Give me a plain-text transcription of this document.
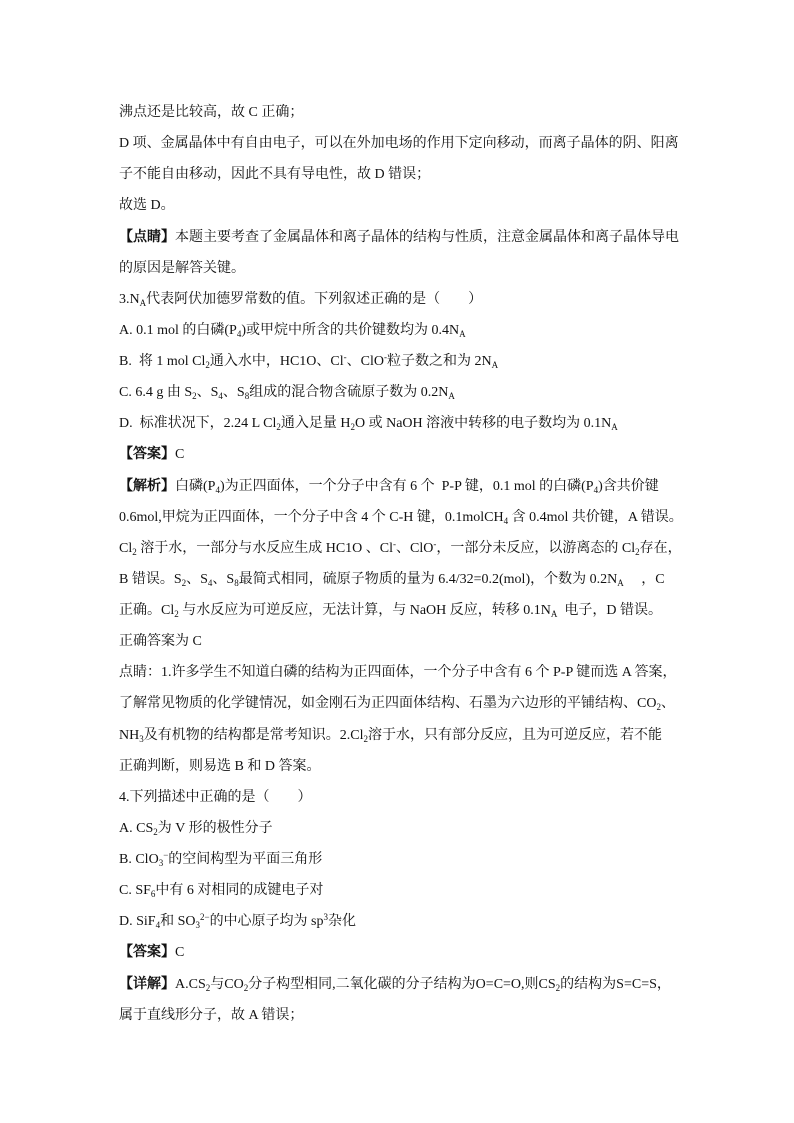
沸点还是比较高，故 C 正确；
D 项、金属晶体中有自由电子，可以在外加电场的作用下定向移动，而离子晶体的阴、阳离
子不能自由移动，因此不具有导电性，故 D 错误；
故选 D。
【点睛】本题主要考查了金属晶体和离子晶体的结构与性质，注意金属晶体和离子晶体导电
的原因是解答关键。
$3.N_A$代表阿伏加德罗常数的值。下列叙述正确的是（　　）
A. 0.1 mol 的白磷$(P_4)$或甲烷中所含的共价键数均为 $0.4N_A$
B.  将 1 mol $Cl_2$通入水中，HC1O、Cl-、ClO-粒子数之和为 $2N_A$
C. 6.4 g 由 $S_2$、$S_4$、$S_8$组成的混合物含硫原子数为 $0.2N_A$
D.  标准状况下，2.24 L $Cl_2$通入足量 $H_2O$ 或 NaOH 溶液中转移的电子数均为 $0.1N_A$
【答案】C
【解析】白磷$(P_4)$为正四面体，一个分子中含有 6 个  P-P 键，0.1 mol 的白磷$(P_4)$含共价键
0.6mol,甲烷为正四面体，一个分子中含 4 个 C-H 键，0.1molCH$_4$ 含 0.4mol 共价键，A 错误。
$Cl_2$ 溶于水，一部分与水反应生成 HC1O 、Cl-、ClO-，一部分未反应，以游离态的 $Cl_2$存在，
B 错误。$S_2$、$S_4$、$S_8$最简式相同，硫原子物质的量为 6.4/32=0.2(mol)，个数为 $0.2N_A$　 ，C
正确。$Cl_2$ 与水反应为可逆反应，无法计算，与 NaOH 反应，转移 $0.1N_A$  电子，D 错误。
正确答案为 C
点睛：1.许多学生不知道白磷的结构为正四面体，一个分子中含有 6 个 P-P 键而选 A 答案，
了解常见物质的化学键情况，如金刚石为正四面体结构、石墨为六边形的平铺结构、$CO_2$、
$NH_3$及有机物的结构都是常考知识。$2.Cl_2$溶于水，只有部分反应，且为可逆反应，若不能
正确判断，则易选 B 和 D 答案。
4.下列描述中正确的是（　　）
A. $CS_2$为 V 形的极性分子
B. ClO$_3$−的空间构型为平面三角形
C. $SF_6$中有 6 对相同的成键电子对
D. SiF$_4$和 $SO_3^{2-}$的中心原子均为 $sp^3$杂化
【答案】C
【详解】$A.CS_2$与$CO_2$分子构型相同,二氧化碳的分子结构为O=C=O,则$CS_2$的结构为S=C=S，
属于直线形分子，故 A 错误；
